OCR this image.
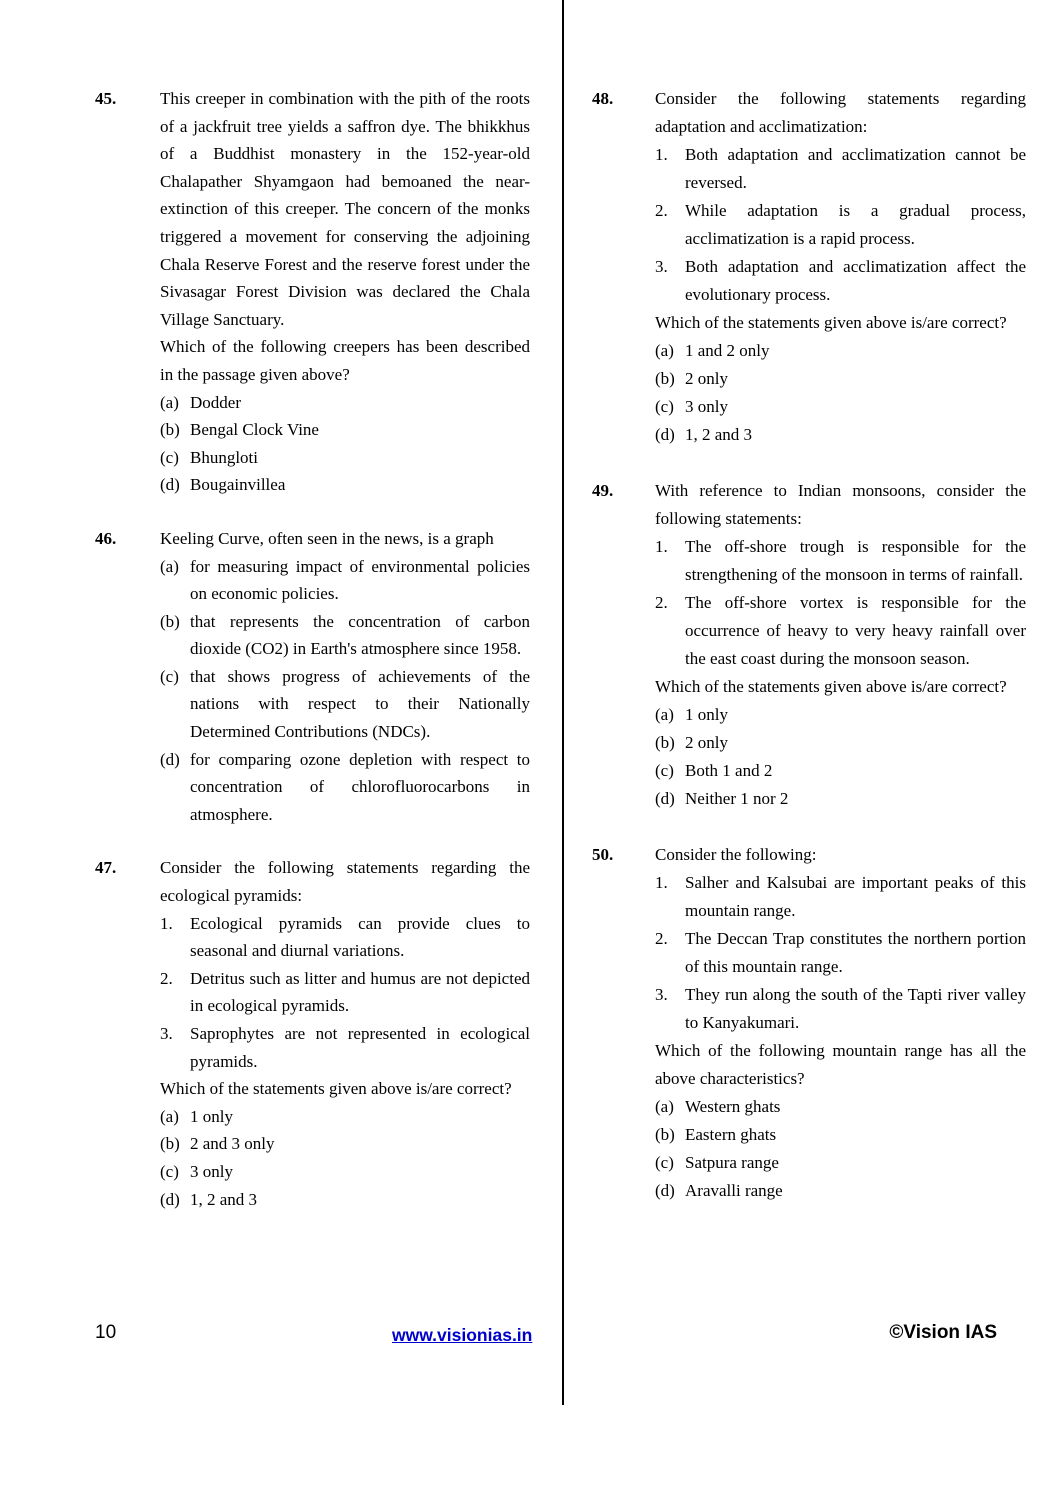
45.	This creeper in combination with the pith of the roots of a jackfruit tree yields a saffron dye. The bhikkhus of a Buddhist monastery in the 152-year-old Chalapather Shyamgaon had bemoaned the near-extinction of this creeper. The concern of the monks triggered a movement for conserving the adjoining Chala Reserve Forest and the reserve forest under the Sivasagar Forest Division was declared the Chala Village Sanctuary.

Which of the following creepers has been described in the passage given above?

(a) Dodder
(b) Bengal Clock Vine
(c) Bhungloti
(d) Bougainvillea
46.	Keeling Curve, often seen in the news, is a graph

(a) for measuring impact of environmental policies on economic policies.
(b) that represents the concentration of carbon dioxide (CO2) in Earth's atmosphere since 1958.
(c) that shows progress of achievements of the nations with respect to their Nationally Determined Contributions (NDCs).
(d) for comparing ozone depletion with respect to concentration of chlorofluorocarbons in atmosphere.
47.	Consider the following statements regarding the ecological pyramids:

1. Ecological pyramids can provide clues to seasonal and diurnal variations.
2. Detritus such as litter and humus are not depicted in ecological pyramids.
3. Saprophytes are not represented in ecological pyramids.

Which of the statements given above is/are correct?

(a) 1 only
(b) 2 and 3 only
(c) 3 only
(d) 1, 2 and 3
48.	Consider the following statements regarding adaptation and acclimatization:

1. Both adaptation and acclimatization cannot be reversed.
2. While adaptation is a gradual process, acclimatization is a rapid process.
3. Both adaptation and acclimatization affect the evolutionary process.

Which of the statements given above is/are correct?

(a) 1 and 2 only
(b) 2 only
(c) 3 only
(d) 1, 2 and 3
49.	With reference to Indian monsoons, consider the following statements:

1. The off-shore trough is responsible for the strengthening of the monsoon in terms of rainfall.
2. The off-shore vortex is responsible for the occurrence of heavy to very heavy rainfall over the east coast during the monsoon season.

Which of the statements given above is/are correct?

(a) 1 only
(b) 2 only
(c) Both 1 and 2
(d) Neither 1 nor 2
50.	Consider the following:

1. Salher and Kalsubai are important peaks of this mountain range.
2. The Deccan Trap constitutes the northern portion of this mountain range.
3. They run along the south of the Tapti river valley to Kanyakumari.

Which of the following mountain range has all the above characteristics?

(a) Western ghats
(b) Eastern ghats
(c) Satpura range
(d) Aravalli range
10	www.visionias.in	©Vision IAS
